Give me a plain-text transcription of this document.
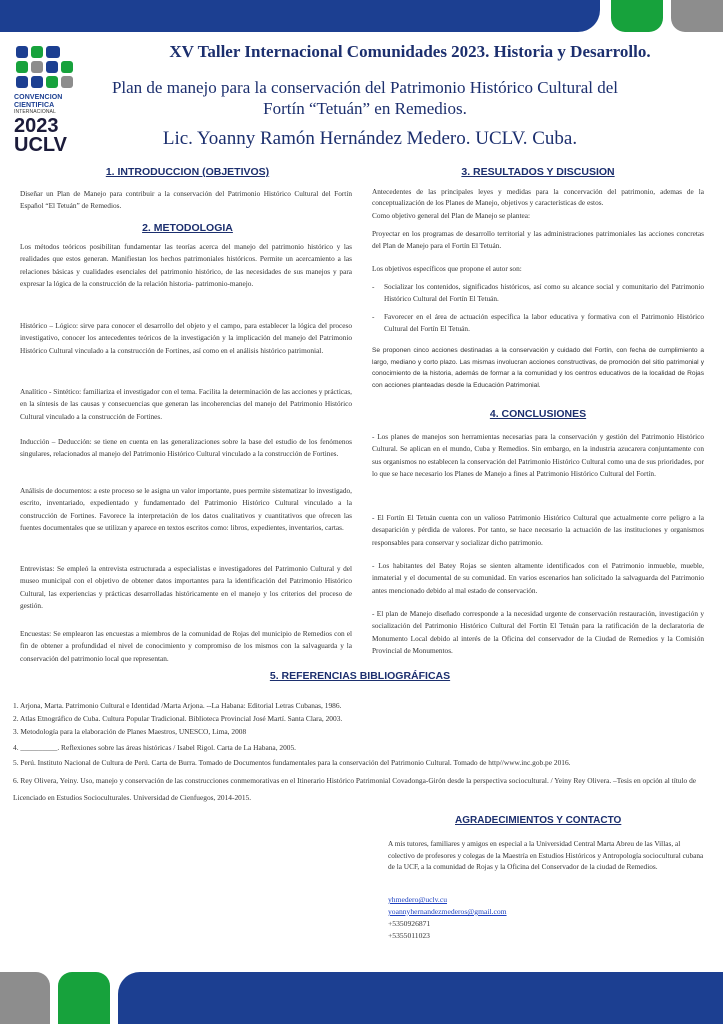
CONVENCION
CIENTIFICA
INTERNACIONAL
2023
UCLV
XV Taller Internacional Comunidades 2023. Historia y Desarrollo.
Plan de manejo para la conservación del Patrimonio Histórico Cultural del Fortín “Tetuán” en Remedios.
Lic. Yoanny Ramón Hernández Medero. UCLV. Cuba.
1. INTRODUCCION (OBJETIVOS)
Diseñar un Plan de Manejo para contribuir a la conservación del Patrimonio Histórico Cultural del Fortín Español “El Tetuán” de Remedios.
2. METODOLOGIA
Los métodos teóricos posibilitan fundamentar las teorías acerca del manejo del patrimonio histórico y las realidades que estos generan. Manifiestan los hechos patrimoniales históricos. Permite un acercamiento a las relaciones básicas y cualidades esenciales del patrimonio histórico, de las necesidades de sus manejos y para expresar la lógica de la construcción de la relación historia- patrimonio-manejo.
Histórico – Lógico: sirve para conocer el desarrollo del objeto y el campo, para establecer la lógica del proceso investigativo, conocer los antecedentes teóricos de la investigación y la implicación del manejo del Patrimonio Histórico Cultural vinculado a la construcción de Fortines, así como en el análisis histórico patrimonial.
Analítico - Sintético: familiariza el investigador con el tema. Facilita la determinación de las acciones y prácticas, en la síntesis de las causas y consecuencias que generan las incoherencias del manejo del Patrimonio Histórico Cultural vinculado a la construcción de Fortines.
Inducción – Deducción: se tiene en cuenta en las generalizaciones sobre la base del estudio de los fenómenos singulares, relacionados al manejo del Patrimonio Histórico Cultural vinculado a la construcción de Fortines.
Análisis de documentos: a este proceso se le asigna un valor importante, pues permite sistematizar lo investigado, escrito, inventariado, expedientado y fundamentado del Patrimonio Histórico Cultural vinculado a la construcción de Fortines. Favorece la interpretación de los datos cualitativos y cuantitativos que ofrecen las fuentes documentales que se utilizan y aparece en textos escritos como: libros, expedientes, inventarios, cartas.
Entrevistas: Se empleó la entrevista estructurada a especialistas e investigadores del Patrimonio Cultural y del museo municipal con el objetivo de obtener datos importantes para la identificación del Patrimonio Histórico Cultural, las experiencias y prácticas desarrolladas históricamente en el manejo y los criterios del proceso de gestión.
Encuestas: Se emplearon las encuestas a miembros de la comunidad de Rojas del municipio de Remedios con el fin de obtener a profundidad el nivel de conocimiento y compromiso de los mismos con la salvaguarda y la conservación del patrimonio local que representan.
3. RESULTADOS Y DISCUSION
Antecedentes de las principales leyes y medidas para la concervación del patrimonio, ademas de la conceptualización de los Planes de Manejo, objetivos y características de estos.
Como objetivo general del Plan de Manejo se plantea:
Proyectar en los programas de desarrollo territorial y las administraciones patrimoniales las acciones concretas del Plan de Manejo para el Fortín El Tetuán.
Los objetivos específicos que propone el autor son:
- Socializar los contenidos, significados históricos, así como su alcance social y comunitario del Patrimonio Histórico Cultural del Fortín El Tetuán.
- Favorecer en el área de actuación específica la labor educativa y formativa con el Patrimonio Histórico Cultural del Fortín El Tetuán.
Se proponen cinco acciones destinadas a la conservación y cuidado del Fortín, con fecha de cumplimiento a largo, mediano y corto plazo. Las mismas involucran acciones constructivas, de promoción del sitio patrimonial y conocimiento de la historia, además de formar a la comunidad y los centros educativos de la localidad de Rojas con acciones planteadas desde la Educación Patrimonial.
4. CONCLUSIONES
- Los planes de manejos son herramientas necesarias para la conservación y gestión del Patrimonio Histórico Cultural. Se aplican en el mundo, Cuba y Remedios. Sin embargo, en la industria azucarera conjuntamente con sus organismos no establecen la conservación del Patrimonio Histórico Cultural como una de sus prioridades, por lo que se hace necesario los Planes de Manejo a fines al Patrimonio Histórico Cultural del Fortín.
- El Fortín El Tetuán cuenta con un valioso Patrimonio Histórico Cultural que actualmente corre peligro a la desaparición y pérdida de valores. Por tanto, se hace necesario la actuación de las instituciones y organismos responsables para conservar y socializar dicho patrimonio.
- Los habitantes del Batey Rojas se sienten altamente identificados con el Patrimonio inmueble, mueble, inmaterial y el documental de su comunidad. En varios escenarios han solicitado la salvaguarda del Patrimonio antes mencionado debido al mal estado de conservación.
- El plan de Manejo diseñado corresponde a la necesidad urgente de conservación restauración, investigación y socialización del Patrimonio Histórico Cultural del Fortín El Tetuán para la ratificación de la declaratoria de Monumento Local debido al interés de la Oficina del conservador de la Ciudad de Remedios y la Comisión Provincial de Monumentos.
5. REFERENCIAS BIBLIOGRÁFICAS
1. Arjona, Marta. Patrimonio Cultural e Identidad /Marta Arjona. --La Habana: Editorial Letras Cubanas, 1986.
2. Atlas Etnográfico de Cuba. Cultura Popular Tradicional. Biblioteca Provincial José Martí. Santa Clara, 2003.
3. Metodología para la elaboración de Planes Maestros, UNESCO, Lima, 2008
4. __________. Reflexiones sobre las áreas históricas / Isabel Rigol. Carta de La Habana, 2005.
5. Perú. Instituto Nacional de Cultura de Perú. Carta de Burra. Tomado de Documentos fundamentales para la conservación del Patrimonio Cultural. Tomado de http//www.inc.gob.pe 2016.
6. Rey Olivera, Yeiny. Uso, manejo y conservación de las construcciones conmemorativas en el Itinerario Histórico Patrimonial Covadonga-Girón desde la perspectiva sociocultural. / Yeiny Rey Olivera. –Tesis en opción al título de Licenciado en Estudios Socioculturales. Universidad de Cienfuegos, 2014-2015.
AGRADECIMIENTOS Y CONTACTO
A mis tutores, familiares y amigos en especial a la Universidad Central Marta Abreu de las Villas, al colectivo de profesores y colegas de la Maestría en Estudios Históricos y Antropología sociocultural cubana de la UCF, a la comunidad de Rojas y la Oficina del Conservador de la ciudad de Remedios.
yhmedero@uclv.cu
yoannyhernandezmederos@gmail.com
+5350926871
+5355011023
